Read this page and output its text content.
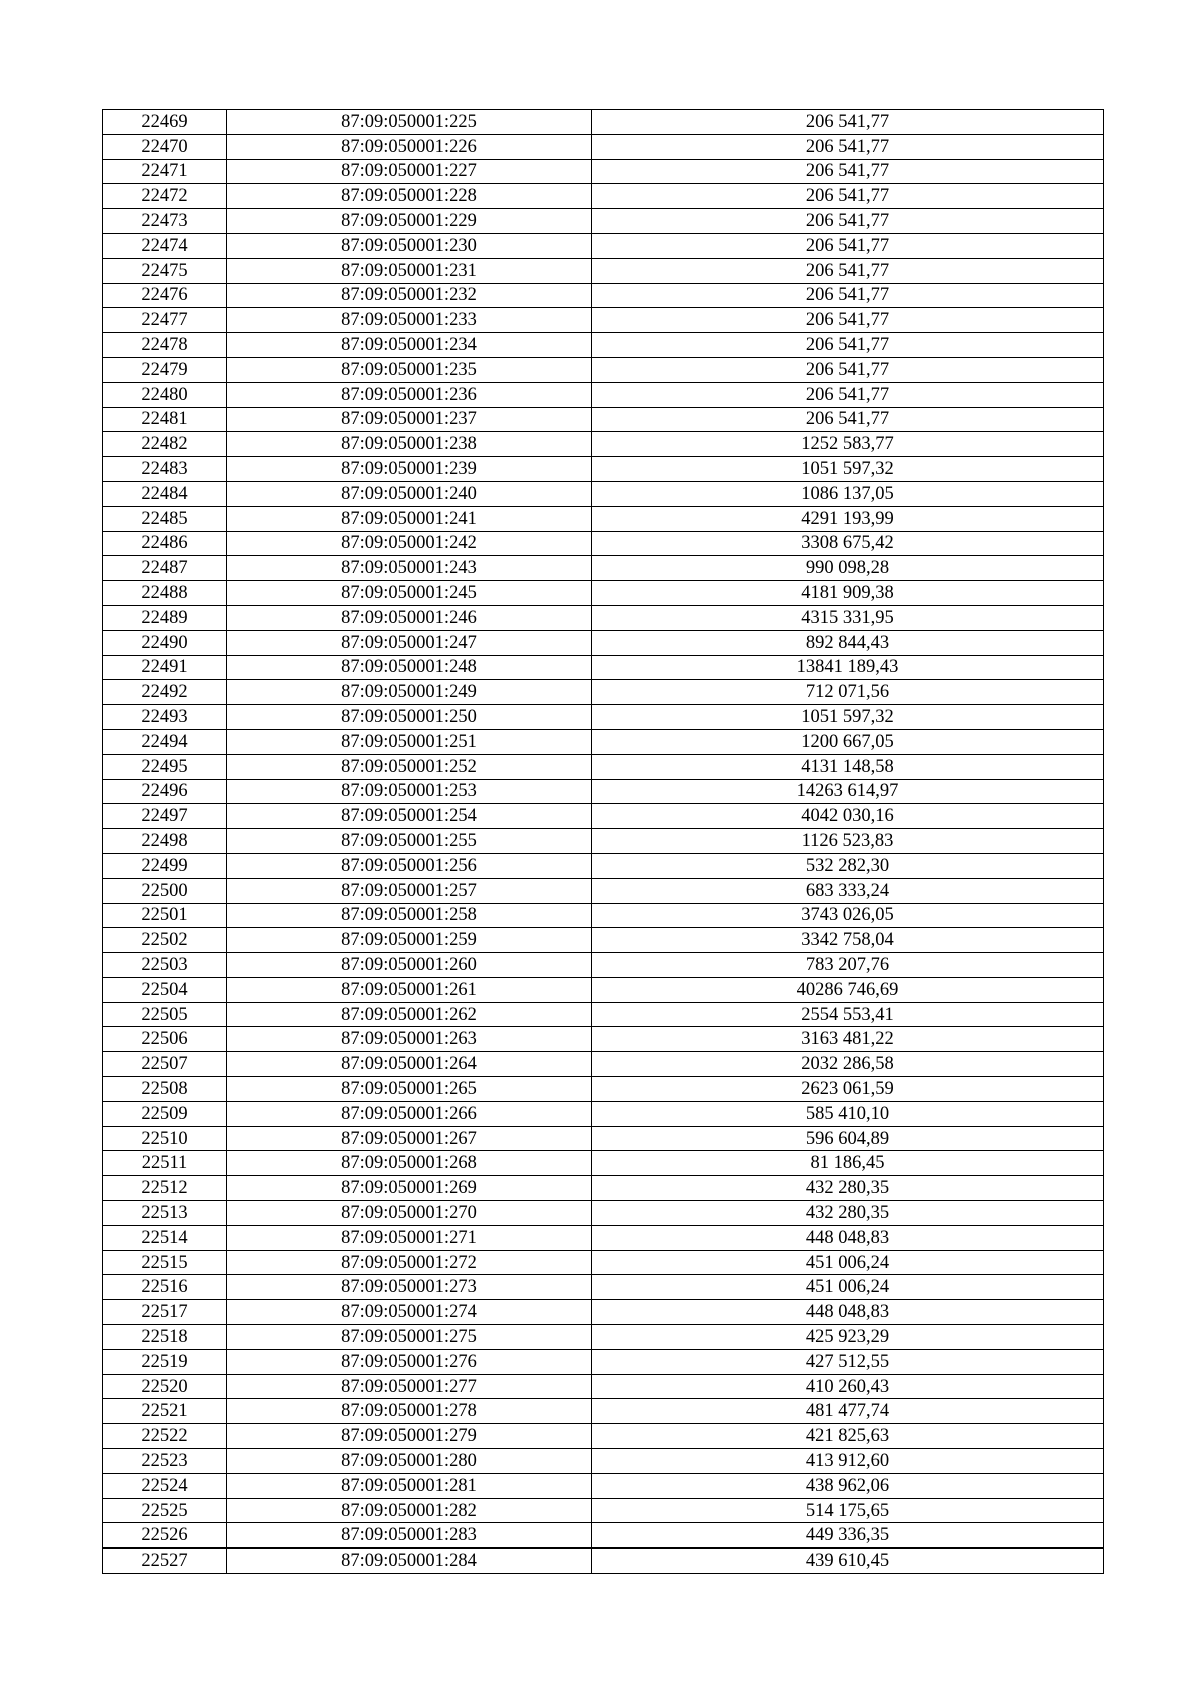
22469	87:09:050001:225	206 541,77
22470	87:09:050001:226	206 541,77
22471	87:09:050001:227	206 541,77
22472	87:09:050001:228	206 541,77
22473	87:09:050001:229	206 541,77
22474	87:09:050001:230	206 541,77
22475	87:09:050001:231	206 541,77
22476	87:09:050001:232	206 541,77
22477	87:09:050001:233	206 541,77
22478	87:09:050001:234	206 541,77
22479	87:09:050001:235	206 541,77
22480	87:09:050001:236	206 541,77
22481	87:09:050001:237	206 541,77
22482	87:09:050001:238	1252 583,77
22483	87:09:050001:239	1051 597,32
22484	87:09:050001:240	1086 137,05
22485	87:09:050001:241	4291 193,99
22486	87:09:050001:242	3308 675,42
22487	87:09:050001:243	990 098,28
22488	87:09:050001:245	4181 909,38
22489	87:09:050001:246	4315 331,95
22490	87:09:050001:247	892 844,43
22491	87:09:050001:248	13841 189,43
22492	87:09:050001:249	712 071,56
22493	87:09:050001:250	1051 597,32
22494	87:09:050001:251	1200 667,05
22495	87:09:050001:252	4131 148,58
22496	87:09:050001:253	14263 614,97
22497	87:09:050001:254	4042 030,16
22498	87:09:050001:255	1126 523,83
22499	87:09:050001:256	532 282,30
22500	87:09:050001:257	683 333,24
22501	87:09:050001:258	3743 026,05
22502	87:09:050001:259	3342 758,04
22503	87:09:050001:260	783 207,76
22504	87:09:050001:261	40286 746,69
22505	87:09:050001:262	2554 553,41
22506	87:09:050001:263	3163 481,22
22507	87:09:050001:264	2032 286,58
22508	87:09:050001:265	2623 061,59
22509	87:09:050001:266	585 410,10
22510	87:09:050001:267	596 604,89
22511	87:09:050001:268	81 186,45
22512	87:09:050001:269	432 280,35
22513	87:09:050001:270	432 280,35
22514	87:09:050001:271	448 048,83
22515	87:09:050001:272	451 006,24
22516	87:09:050001:273	451 006,24
22517	87:09:050001:274	448 048,83
22518	87:09:050001:275	425 923,29
22519	87:09:050001:276	427 512,55
22520	87:09:050001:277	410 260,43
22521	87:09:050001:278	481 477,74
22522	87:09:050001:279	421 825,63
22523	87:09:050001:280	413 912,60
22524	87:09:050001:281	438 962,06
22525	87:09:050001:282	514 175,65
22526	87:09:050001:283	449 336,35
22527	87:09:050001:284	439 610,45
